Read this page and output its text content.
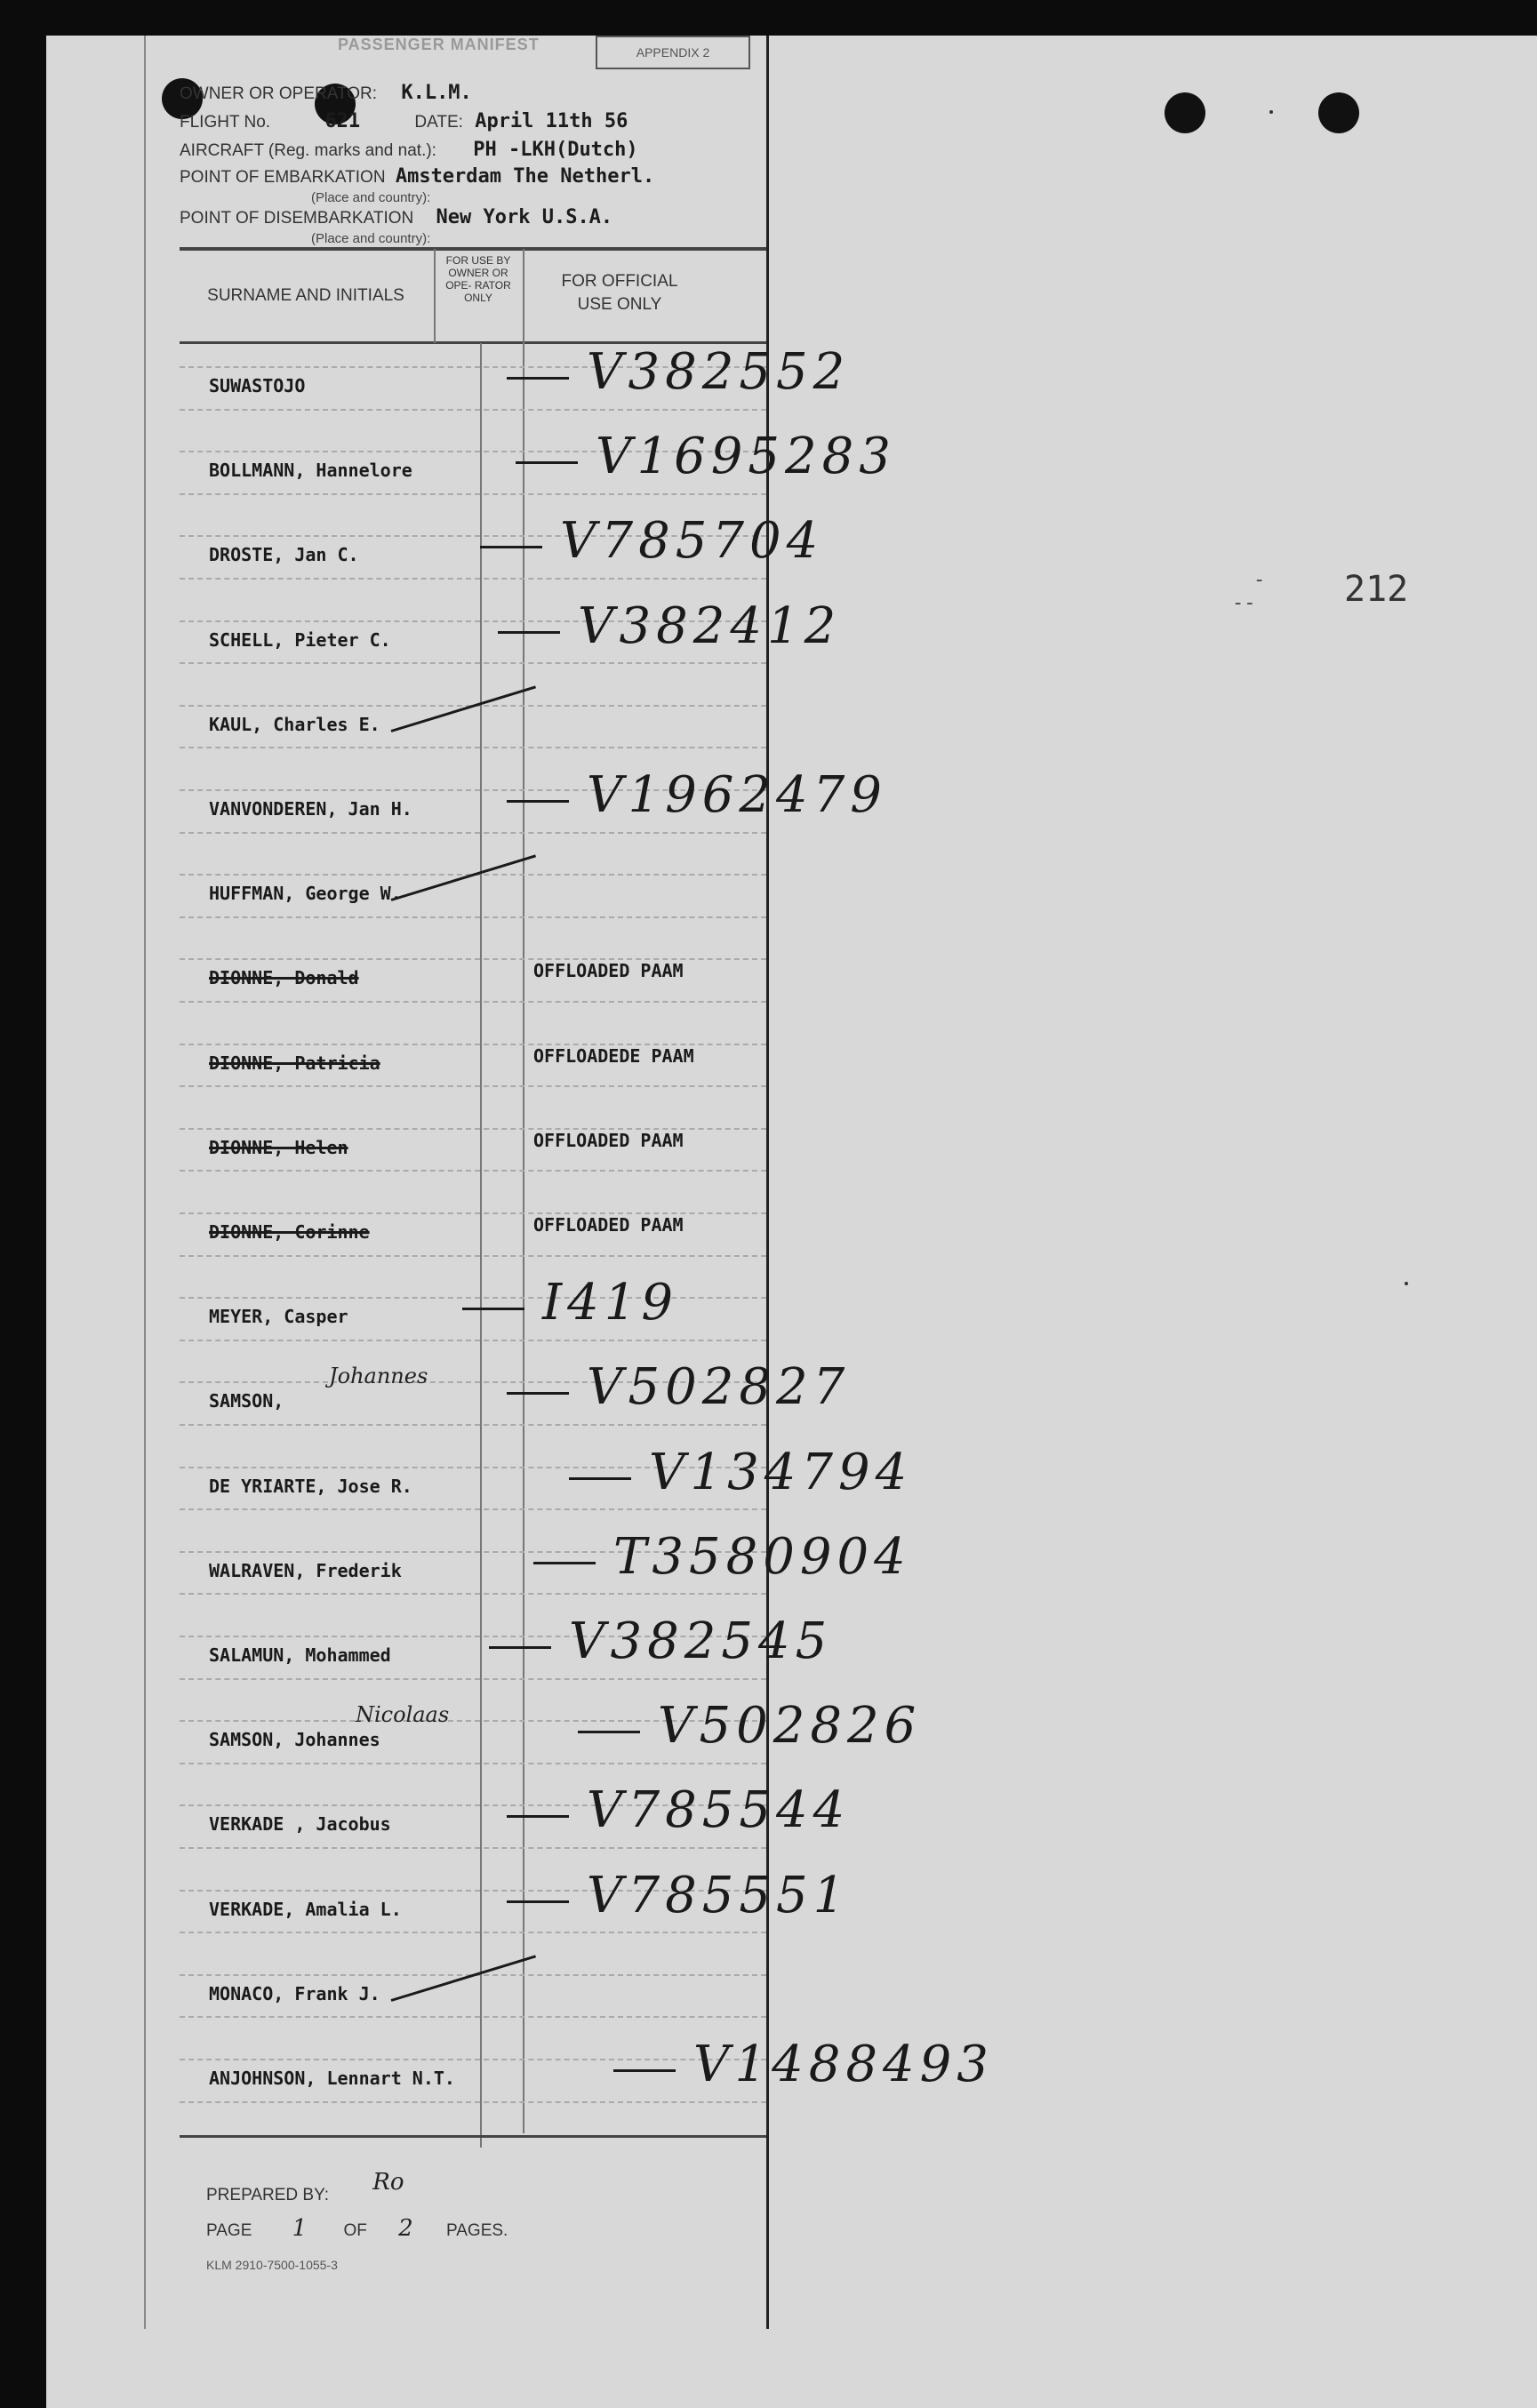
212
-
--
PASSENGER MANIFEST	APPENDIX 2
OWNER OR OPERATOR: K.L.M.
FLIGHT No.	621	DATE: April 11th 56
AIRCRAFT (Reg. marks and nat.): PH -LKH(Dutch)
POINT OF EMBARKATION Amsterdam The Netherl.
(Place and country):
POINT OF DISEMBARKATION New York U.S.A.
(Place and country):
SURNAME AND INITIALS
FOR USE BY OWNER OR OPE- RATOR ONLY
FOR OFFICIAL USE ONLY
SUWASTOJO	V382552
BOLLMANN, Hannelore	V1695283
DROSTE, Jan C.	V785704
SCHELL, Pieter C.	V382412
KAUL, Charles E.
VANVONDEREN, Jan H.	V1962479
HUFFMAN, George W.
DIONNE, Donald	OFFLOADED PAAM
DIONNE, Patricia	OFFLOADEDE PAAM
DIONNE, Helen	OFFLOADED PAAM
DIONNE, Corinne	OFFLOADED PAAM
MEYER, Casper	I419
SAMSON,	V502827
Johannes
DE YRIARTE, Jose R.	V134794
WALRAVEN, Frederik	T3580904
SALAMUN, Mohammed	V382545
SAMSON, Johannes	V502826
Nicolaas
VERKADE , Jacobus	V785544
VERKADE, Amalia L.	V785551
MONACO, Frank J.
ANJOHNSON, Lennart N.T.	V1488493
PREPARED BY: Ro
PAGE 1 OF 2 PAGES.
KLM 2910-7500-1055-3
